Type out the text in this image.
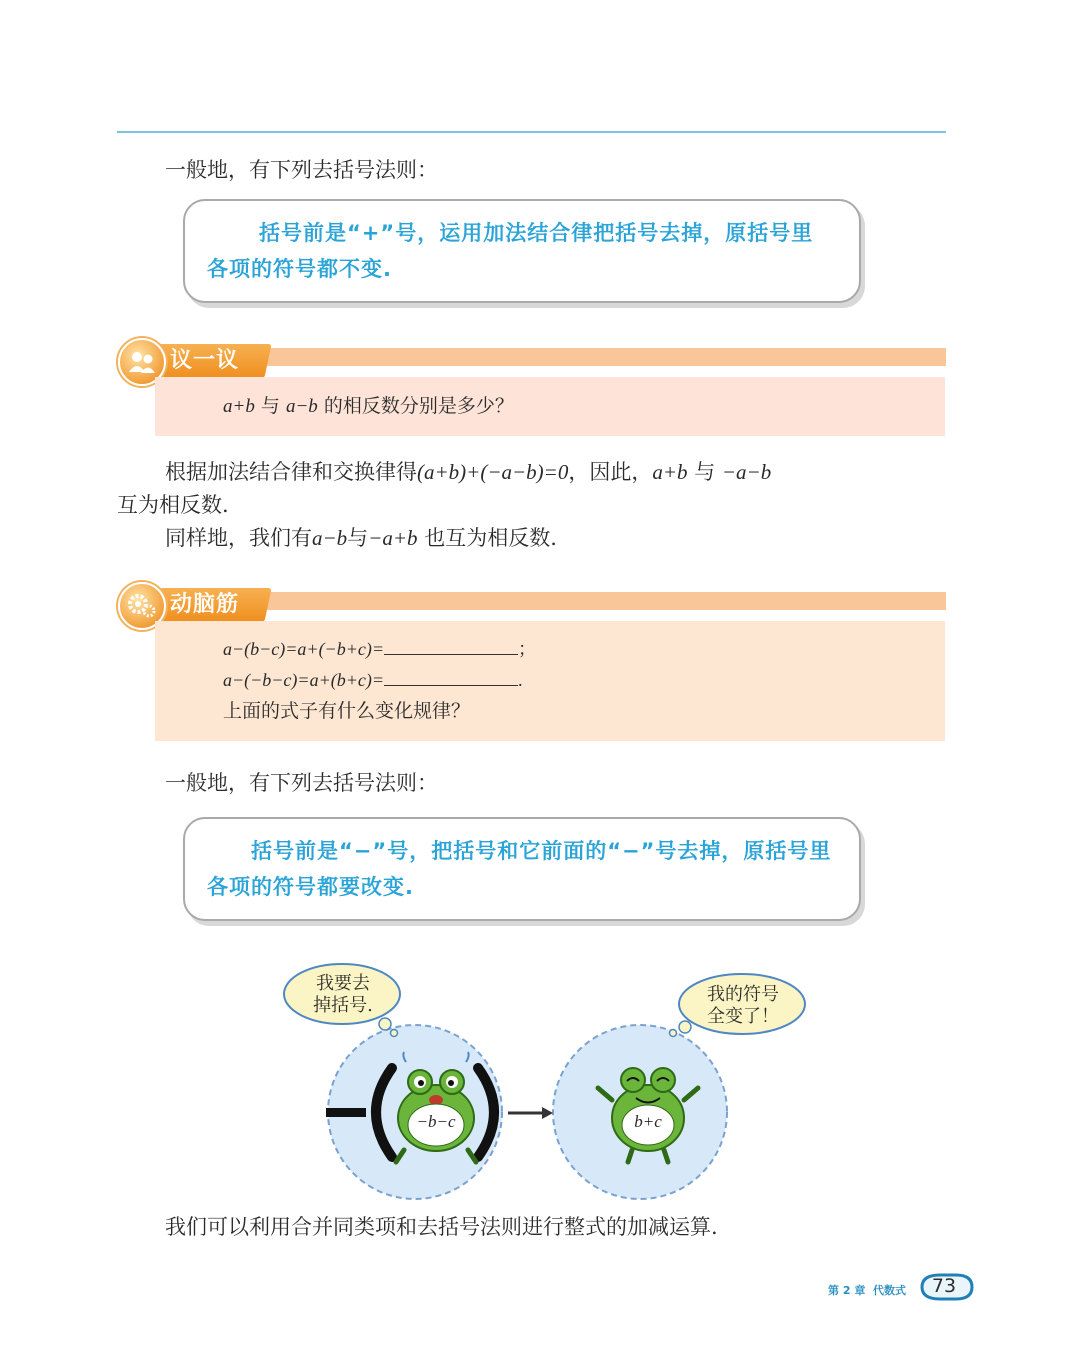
一般地，有下列去括号法则：
括号前是“+”号，运用加法结合律把括号去掉，原括号里各项的符号都不变.
议一议
a+b 与 a−b 的相反数分别是多少？
根据加法结合律和交换律得(a+b)+(−a−b)=0，因此，a+b 与 −a−b
互为相反数.
同样地，我们有a−b与−a+b 也互为相反数.
动脑筋
a−(b−c)=a+(−b+c)=	；
a−(−b−c)=a+(b+c)=	.
上面的式子有什么变化规律？
一般地，有下列去括号法则：
括号前是“−”号，把括号和它前面的“−”号去掉，原括号里各项的符号都要改变.
我要去
掉括号.
我的符号
全变了！
−b−c	b+c
我们可以利用合并同类项和去括号法则进行整式的加减运算.
第 2 章 代数式	73
